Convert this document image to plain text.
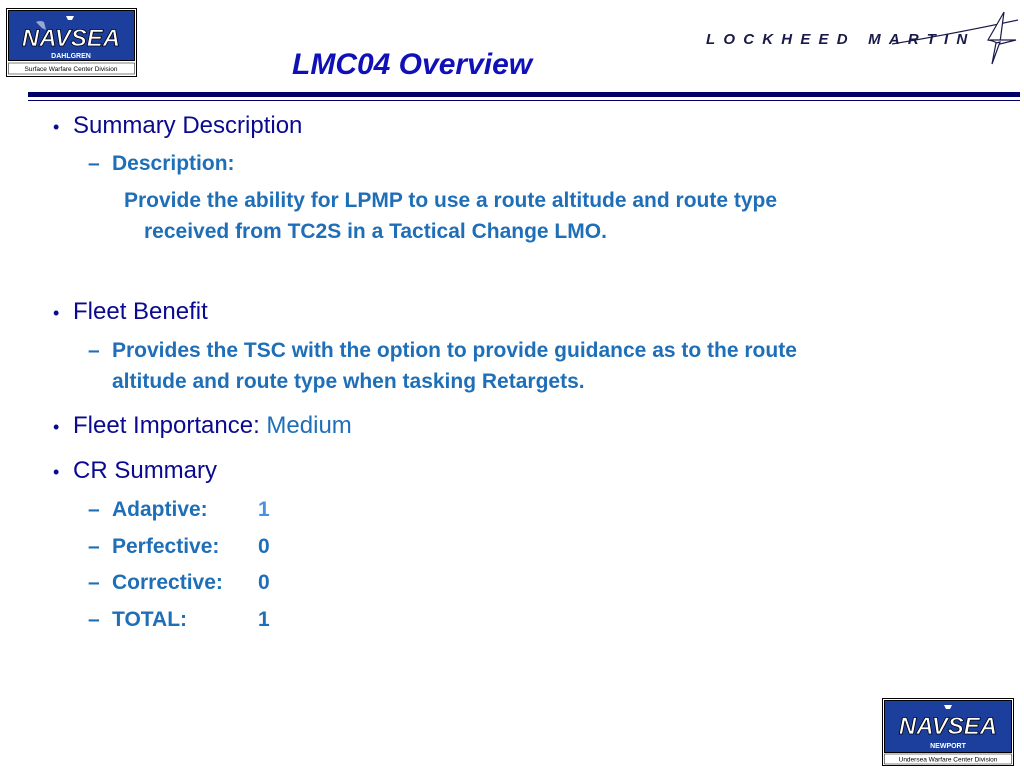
NAVSEA
DAHLGREN
Surface Warfare Center Division	LMC04 Overview
LOCKHEED MARTIN
• Summary Description
– Description:
Provide the ability for LPMP to use a route altitude and route type
received from TC2S in a Tactical Change LMO.
• Fleet Benefit
– Provides the TSC with the option to provide guidance as to the route
altitude and route type when tasking Retargets.
• Fleet Importance: Medium
• CR Summary
– Adaptive: 1
– Perfective: 0
– Corrective: 0
– TOTAL:	1
NAVSEA
NEWPORT
Undersea Warfare Center Division
